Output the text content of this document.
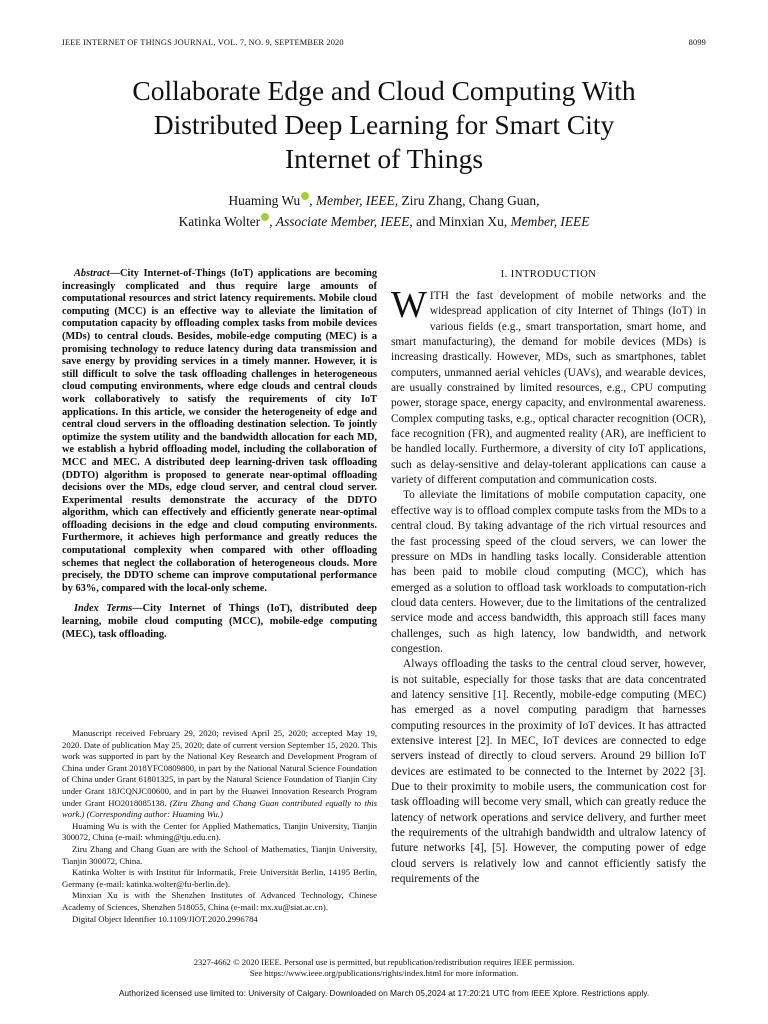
IEEE INTERNET OF THINGS JOURNAL, VOL. 7, NO. 9, SEPTEMBER 2020	8099
Collaborate Edge and Cloud Computing With
Distributed Deep Learning for Smart City
Internet of Things
Huaming Wu , Member, IEEE, Ziru Zhang, Chang Guan,
Katinka Wolter , Associate Member, IEEE, and Minxian Xu, Member, IEEE

Abstract—City Internet-of-Things (IoT) applications are becoming increasingly complicated and thus require large amounts of computational resources and strict latency requirements. Mobile cloud computing (MCC) is an effective way to alleviate the limitation of computation capacity by offloading complex tasks from mobile devices (MDs) to central clouds. Besides, mobile-edge computing (MEC) is a promising technology to reduce latency during data transmission and save energy by providing services in a timely manner. However, it is still difficult to solve the task offloading challenges in heterogeneous cloud computing environments, where edge clouds and central clouds work collaboratively to satisfy the requirements of city IoT applications. In this article, we consider the heterogeneity of edge and central cloud servers in the offloading destination selection. To jointly optimize the system utility and the bandwidth allocation for each MD, we establish a hybrid offloading model, including the collaboration of MCC and MEC. A distributed deep learning-driven task offloading (DDTO) algorithm is proposed to generate near-optimal offloading decisions over the MDs, edge cloud server, and central cloud server. Experimental results demonstrate the accuracy of the DDTO algorithm, which can effectively and efficiently generate near-optimal offloading decisions in the edge and cloud computing environments. Furthermore, it achieves high performance and greatly reduces the computational complexity when compared with other offloading schemes that neglect the collaboration of heterogeneous clouds. More precisely, the DDTO scheme can improve computational performance by 63%, compared with the local-only scheme.

Index Terms—City Internet of Things (IoT), distributed deep learning, mobile cloud computing (MCC), mobile-edge computing (MEC), task offloading.

Manuscript received February 29, 2020; revised April 25, 2020; accepted May 19, 2020. Date of publication May 25, 2020; date of current version September 15, 2020. This work was supported in part by the National Key Research and Development Program of China under Grant 2018YFC0809800, in part by the National Natural Science Foundation of China under Grant 61801325, in part by the Natural Science Foundation of Tianjin City under Grant 18JCQNJC00600, and in part by the Huawei Innovation Research Program under Grant HO2018085138. (Ziru Zhang and Chang Guan contributed equally to this work.) (Corresponding author: Huaming Wu.)

Huaming Wu is with the Center for Applied Mathematics, Tianjin University, Tianjin 300072, China (e-mail: whming@tju.edu.cn).

Ziru Zhang and Chang Guan are with the School of Mathematics, Tianjin University, Tianjin 300072, China.

Katinka Wolter is with Institut für Informatik, Freie Universität Berlin, 14195 Berlin, Germany (e-mail: katinka.wolter@fu-berlin.de).

Minxian Xu is with the Shenzhen Institutes of Advanced Technology, Chinese Academy of Sciences, Shenzhen 518055, China (e-mail: mx.xu@siat.ac.cn).

Digital Object Identifier 10.1109/JIOT.2020.2996784

I. INTRODUCTION

WITH the fast development of mobile networks and the widespread application of city Internet of Things (IoT) in various fields (e.g., smart transportation, smart home, and smart manufacturing), the demand for mobile devices (MDs) is increasing drastically. However, MDs, such as smartphones, tablet computers, unmanned aerial vehicles (UAVs), and wearable devices, are usually constrained by limited resources, e.g., CPU computing power, storage space, energy capacity, and environmental awareness. Complex computing tasks, e.g., optical character recognition (OCR), face recognition (FR), and augmented reality (AR), are inefficient to be handled locally. Furthermore, a diversity of city IoT applications, such as delay-sensitive and delay-tolerant applications can cause a variety of different computation and communication costs.

To alleviate the limitations of mobile computation capacity, one effective way is to offload complex compute tasks from the MDs to a central cloud. By taking advantage of the rich virtual resources and the fast processing speed of the cloud servers, we can lower the pressure on MDs in handling tasks locally. Considerable attention has been paid to mobile cloud computing (MCC), which has emerged as a solution to offload task workloads to computation-rich cloud data centers. However, due to the limitations of the centralized service mode and access bandwidth, this approach still faces many challenges, such as high latency, low bandwidth, and network congestion.

Always offloading the tasks to the central cloud server, however, is not suitable, especially for those tasks that are data concentrated and latency sensitive [1]. Recently, mobile-edge computing (MEC) has emerged as a novel computing paradigm that harnesses computing resources in the proximity of IoT devices. It has attracted extensive interest [2]. In MEC, IoT devices are connected to edge servers instead of directly to cloud servers. Around 29 billion IoT devices are estimated to be connected to the Internet by 2022 [3]. Due to their proximity to mobile users, the communication cost for task offloading will become very small, which can greatly reduce the latency of network operations and service delivery, and further meet the requirements of the ultrahigh bandwidth and ultralow latency of future networks [4], [5]. However, the computing power of edge cloud servers is relatively low and cannot efficiently satisfy the requirements of the

2327-4662 © 2020 IEEE. Personal use is permitted, but republication/redistribution requires IEEE permission.
See https://www.ieee.org/publications/rights/index.html for more information.
Authorized licensed use limited to: University of Calgary. Downloaded on March 05,2024 at 17:20:21 UTC from IEEE Xplore. Restrictions apply.
